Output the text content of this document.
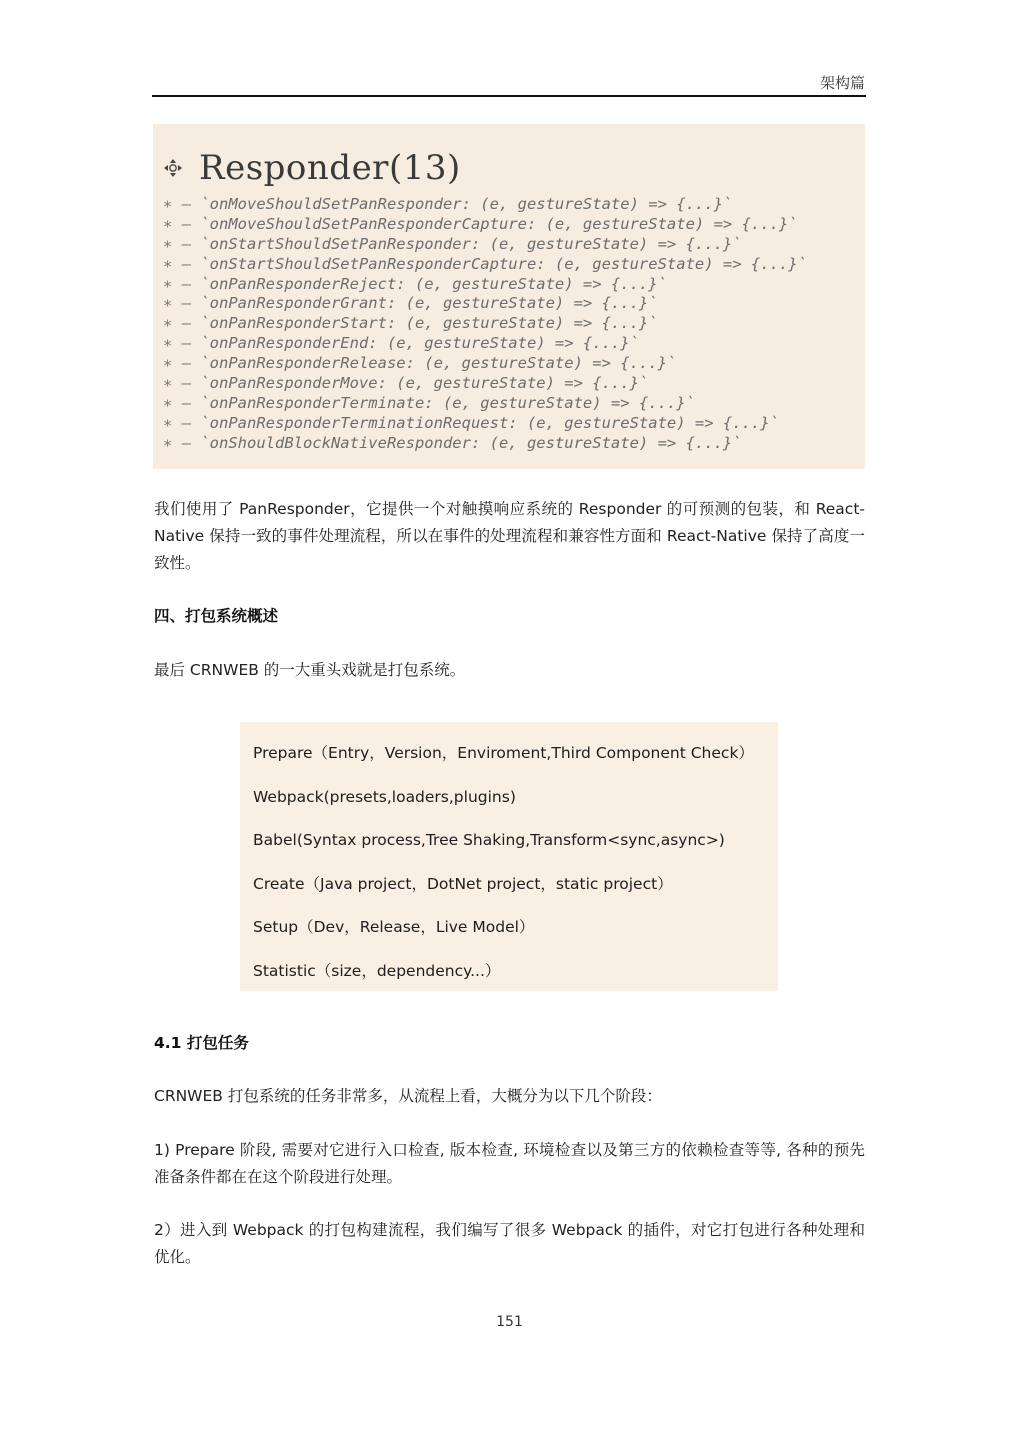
架构篇
Responder(13)
∗ – `onMoveShouldSetPanResponder: (e, gestureState) => {...}`
∗ – `onMoveShouldSetPanResponderCapture: (e, gestureState) => {...}`
∗ – `onStartShouldSetPanResponder: (e, gestureState) => {...}`
∗ – `onStartShouldSetPanResponderCapture: (e, gestureState) => {...}`
∗ – `onPanResponderReject: (e, gestureState) => {...}`
∗ – `onPanResponderGrant: (e, gestureState) => {...}`
∗ – `onPanResponderStart: (e, gestureState) => {...}`
∗ – `onPanResponderEnd: (e, gestureState) => {...}`
∗ – `onPanResponderRelease: (e, gestureState) => {...}`
∗ – `onPanResponderMove: (e, gestureState) => {...}`
∗ – `onPanResponderTerminate: (e, gestureState) => {...}`
∗ – `onPanResponderTerminationRequest: (e, gestureState) => {...}`
∗ – `onShouldBlockNativeResponder: (e, gestureState) => {...}`

我们使用了 PanResponder，它提供一个对触摸响应系统的 Responder 的可预测的包装，和 React-Native 保持一致的事件处理流程，所以在事件的处理流程和兼容性方面和 React-Native 保持了高度一致性。

四、打包系统概述

最后 CRNWEB 的一大重头戏就是打包系统。

Prepare（Entry，Version，Enviroment,Third Component Check）
Webpack(presets,loaders,plugins)
Babel(Syntax process,Tree Shaking,Transform<sync,async>)
Create（Java project，DotNet project，static project）
Setup（Dev，Release，Live Model）
Statistic（size，dependency...）
4.1 打包任务

CRNWEB 打包系统的任务非常多，从流程上看，大概分为以下几个阶段：

1) Prepare 阶段, 需要对它进行入口检查, 版本检查, 环境检查以及第三方的依赖检查等等, 各种的预先准备条件都在在这个阶段进行处理。

2）进入到 Webpack 的打包构建流程，我们编写了很多 Webpack 的插件，对它打包进行各种处理和优化。

151
